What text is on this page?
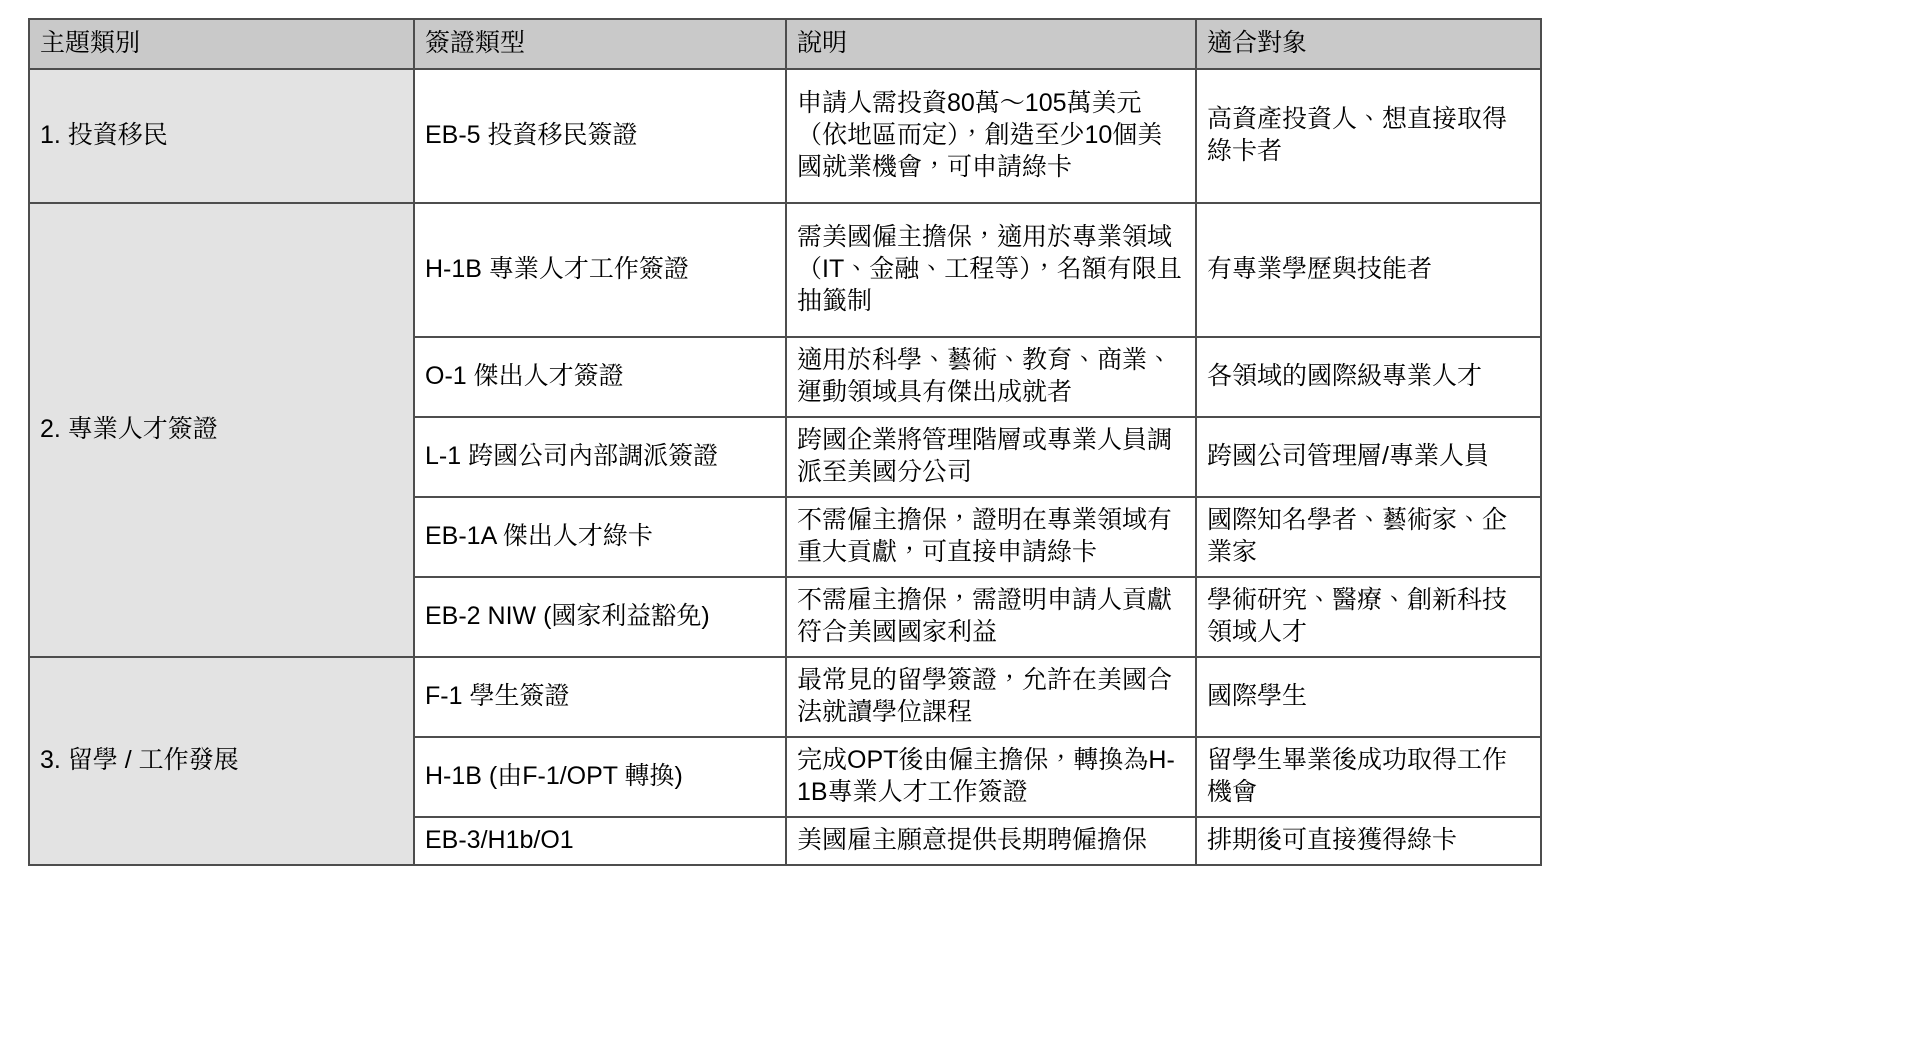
主題類別	簽證類型	說明	適合對象
1. 投資移民	EB-5 投資移民簽證	申請人需投資80萬～105萬美元（依地區而定），創造至少10個美國就業機會，可申請綠卡	高資產投資人、想直接取得綠卡者
2. 專業人才簽證	H-1B 專業人才工作簽證	需美國僱主擔保，適用於專業領域（IT、金融、工程等），名額有限且抽籤制	有專業學歷與技能者
	O-1 傑出人才簽證	適用於科學、藝術、教育、商業、運動領域具有傑出成就者	各領域的國際級專業人才
	L-1 跨國公司內部調派簽證	跨國企業將管理階層或專業人員調派至美國分公司	跨國公司管理層/專業人員
	EB-1A 傑出人才綠卡	不需僱主擔保，證明在專業領域有重大貢獻，可直接申請綠卡	國際知名學者、藝術家、企業家
	EB-2 NIW (國家利益豁免)	不需雇主擔保，需證明申請人貢獻符合美國國家利益	學術研究、醫療、創新科技領域人才
3. 留學 / 工作發展	F-1 學生簽證	最常見的留學簽證，允許在美國合法就讀學位課程	國際學生
	H-1B (由F-1/OPT 轉換)	完成OPT後由僱主擔保，轉換為H-1B專業人才工作簽證	留學生畢業後成功取得工作機會
	EB-3/H1b/O1	美國雇主願意提供長期聘僱擔保	排期後可直接獲得綠卡
